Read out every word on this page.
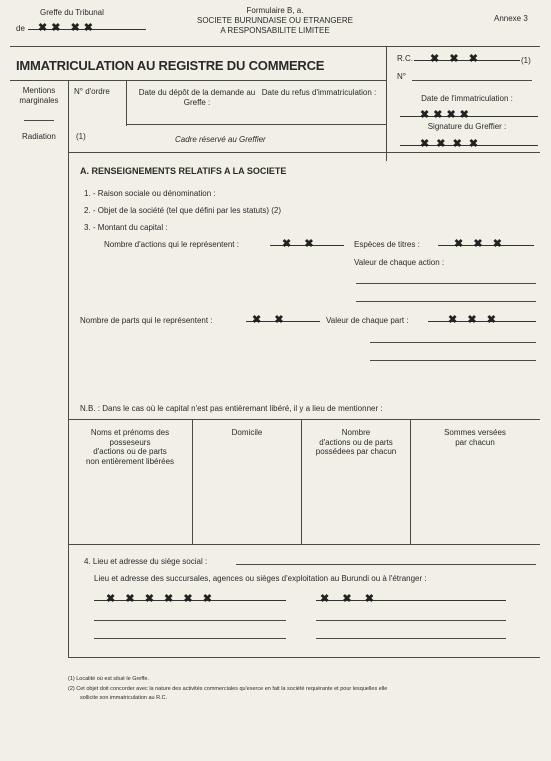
Greffe du Tribunal
de ✖ ✖ ✖ ✖
Formulaire B, a.
SOCIETE BURUNDAISE OU ETRANGERE
A RESPONSABILITE LIMITEE
Annexe 3
IMMATRICULATION AU REGISTRE DU COMMERCE	R.C. ✖ ✖ ✖	(1)
N°
Mentions marginales
N° d'ordre	Date du dépôt de la demande au Greffe :
Date du refus d'immatriculation :
Date de l'immatriculation :
✖ ✖ ✖ ✖
Signature du Greffier :
✖ ✖ ✖ ✖
Radiation	(1)	Cadre réservé au Greffier
A. RENSEIGNEMENTS RELATIFS A LA SOCIETE
1. - Raison sociale ou dénomination :
2. - Objet de la société (tel que défini par les statuts) (2)
3. - Montant du capital :
Nombre d'actions qui le représentent :	✖ ✖	Espèces de titres :	✖ ✖ ✖
Valeur de chaque action :
Nombre de parts qui le représentent :	✖ ✖	Valeur de chaque part :	✖ ✖ ✖
N.B. : Dans le cas où le capital n'est pas entièremant libéré, il y a lieu de mentionner :
Noms et prénoms des
posseseurs
d'actions ou de parts
non entièrement libérées
Domicile	Nombre
d'actions ou de parts
possédees par chacun
Sommes versées
par chacun
4. Lieu et adresse du siège social :
Lieu et adresse des succursales, agences ou sièges d'exploitation au Burundi ou à l'étranger :
✖ ✖ ✖ ✖ ✖ ✖	✖ ✖ ✖
(1) Localité où est situé le Greffe.
(2) Cet objet doit concorder avec la nature des activités commerciales qu'exerce en fait la société requérante et pour lesquelles elle
sollicite son immatriculation au R.C.
